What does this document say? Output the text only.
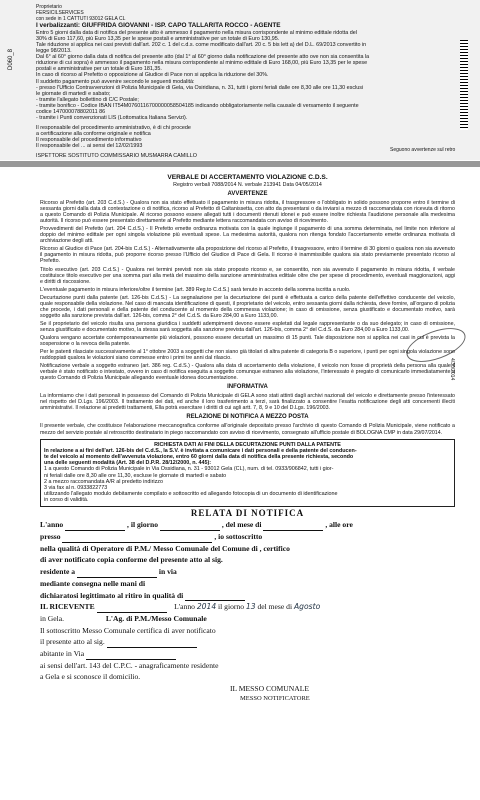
D060_8
Proprietario
FERSICILSERVICES
con sede in 1 CATTUTI 93012 GELA CL
I verbalizzanti: GIUFFRIDA GIOVANNI - ISP. CAPO TALLARITA ROCCO - AGENTE
Entro 5 giorni dalla data di notifica del presente atto è ammesso il pagamento nella misura corrispondente al minimo edittale ridotta del
30% di Euro 117,60, più Euro 13,35 per le spese postali e amministrative per un totale di Euro 130,95.
Tale riduzione si applica nei casi previsti dall'art. 202 c. 1 del c.d.s. come modificato dall'art. 20 c. 5 bis lett a) del D.L. 69/2013 convertito in
legge 98/2013.
Dal 6° al 60° giorno dalla data di notifica del presente atto (dal 1° al 60° giorno dalla notificazione del presente atto ove non sia consentita la
riduzione di cui sopra) è ammesso il pagamento nella misura corrispondente al minimo edittale di Euro 168,00, più Euro 13,35 per le spese
postali e amministrative per un totale di Euro 181,35.
In caso di ricorso al Prefetto o opposizione al Giudice di Pace non si applica la riduzione del 30%.
Il suddetto pagamento può avvenire secondo le seguenti modalità:
- presso l'Ufficio Contravvenzioni di Polizia Municipale di Gela, via Osiridiana, n. 31, tutti i giorni feriali dalle ore 8,30 alle ore 11,30 esclusi
le giornate di martedì e sabato;
- tramite l'allegato bollettino di C/C Postale;
- tramite bonifico - Codice IBAN IT54M0760116700000058504185 indicando obbligatoriamente nella causale di versamento il seguente
codice 147000078802011 86
- tramite i Punti convenzionati LIS (Lottomatica Italiana Servizi).
Il responsabile del procedimento amministrativo, è di chi procede
a certificazione alla conforme originale e notifica
Il responsabile del procedimento informativo
Il responsabile del ... ai sensi del 12/02/1993
ISPETTORE SOSTITUTO COMMISSARIO MUSMARRA CAMILLO
Seguono avvertenze sul retro
4/30/2014
VERBALE DI ACCERTAMENTO VIOLAZIONE C.D.S.
Registro verbali 7088/2014 N. verbale 213941 Data 04/05/2014
AVVERTENZE
Ricorso al Prefetto (art. 203 C.d.S.) - Qualora non sia stato effettuato il pagamento in misura ridotta, il trasgressore o l'obbligato in solido possono proporre entro il termine di sessanta giorni dalla data di contestazione o di notifica, ricorso al Prefetto di Caltanissetta, con atto da presentarsi o da inviarsi a mezzo di raccomandata con ricevuta di ritorno a questo Comando di Polizia Municipale. Al ricorso possono essere allegati tutti i documenti ritenuti idonei e può essere inoltre richiesta l'audizione personale alla medesima autorità. Il ricorso può essere presentato direttamente al Prefetto mediante lettera raccomandata con avviso di ricevimento.
Provvedimenti del Prefetto (art. 204 C.d.S.) - Il Prefetto emette ordinanza motivata con la quale ingiunge il pagamento di una somma determinata, nel limite non inferiore al doppio del minimo edittale per ogni singola violazione più eventuali spese. La medesima autorità, qualora non ritenga fondato l'accertamento emette ordinanza motivata di archiviazione degli atti.
Ricorso al Giudice di Pace (art. 204-bis C.d.S.) - Alternativamente alla proposizione del ricorso al Prefetto, il trasgressore, entro il termine di 30 giorni o qualora non sia avvenuto il pagamento in misura ridotta, può proporre ricorso presso l'Ufficio del Giudice di Pace di Gela. Il ricorso è inammissibile qualora sia stato previamente presentato ricorso al Prefetto.
Titolo esecutivo (art. 203 C.d.S.) - Qualora nei termini previsti non sia stato proposto ricorso e, se consentito, non sia avvenuto il pagamento in misura ridotta, il verbale costituisce titolo esecutivo per una somma pari alla metà del massimo della sanzione amministrativa edittale oltre che per spese di procedimento, eventuali maggiorazioni, aggi e diritti di riscossione.
L'eventuale pagamento in misura inferiore/oltre il termine (art. 389 Reg.to C.d.S.) sarà tenuto in acconto della somma iscritta a ruolo.
Decurtazione punti dalla patente (art. 126-bis C.d.S.) - La segnalazione per la decurtazione dei punti è effettuata a carico della patente dell'effettivo conducente del veicolo, quale responsabile della violazione. Nel caso di mancata identificazione di questi, il proprietario del veicolo, entro sessanta giorni dalla richiesta, deve fornire, all'organo di polizia che procede, i dati personali e della patente del conducente al momento della commessa violazione; in caso di omissione, senza giustificato e documentato motivo, sarà soggetto alla sanzione prevista dall'art. 126-bis, comma 2° del C.d.S. da Euro 284,00 a Euro 1133,00.
Se il proprietario del veicolo risulta una persona giuridica i suddetti adempimenti devono essere espletati dal legale rappresentante o da suo delegato; in caso di omissione, senza giustificato e documentato motivo, la stessa sarà soggetta alla sanzione prevista dall'art. 126-bis, comma 2° del C.d.S. da Euro 284,00 a Euro 1133,00.
Qualora vengano accertate contemporaneamente più violazioni, possono essere decurtati un massimo di 15 punti. Tale disposizione non si applica nei casi in cui è prevista la sospensione o la revoca della patente.
Per le patenti rilasciate successivamente al 1° ottobre 2003 a soggetti che non siano già titolari di altra patente di categoria B o superiore, i punti per ogni singola violazione sono raddoppiati qualora le violazioni siano commesse entro i primi tre anni dal rilascio.
Notificazione verbale a soggetto estraneo (art. 386 reg. C.d.S.) - Qualora alla data di accertamento della violazione, il veicolo non fosse di proprietà della persona alla quale il verbale è stato notificato o intestato, ovvero in caso di notifica eseguita a soggetto comunque estraneo alla violazione, l'interessato è pregato di comunicarlo immediatamente a questo Comando di Polizia Municipale allegando eventuale idonea documentazione.
INFORMATIVA
La informiamo che i dati personali in possesso del Comando di Polizia Municipale di GELA sono stati attinti dagli archivi nazionali del veicolo e direttamente presso l'interessato nel rispetto del D.Lgs. 196/2003. Il trattamento dei dati, ed anche il loro trasferimento a terzi, sarà finalizzato a consentire l'esatta notificazione degli atti concernenti illeciti amministrativi. Il relazione ai predetti trattamenti, Ella potrà esercitare i diritti di cui agli artt. 7, 8, 9 e 10 del D.Lgs. 196/2003.
RELAZIONE DI NOTIFICA A MEZZO POSTA
Il presente verbale, che costituisce l'elaborazione meccanografica conforme all'originale depositato presso l'archivio di questo Comando di Polizia Municipale, viene notificato a mezzo del servizio postale al retroscritto destinatario in piego raccomandato con avviso di ricevimento, consegnato all'ufficio postale di BOLOGNA CMP in data 29/07/2014.
RICHIESTA DATI AI FINI DELLA DECURTAZIONE PUNTI DALLA PATENTE
In relazione a ai fini dell'art. 126-bis del C.d.S., la S.V. è invitata a comunicare i dati personali e della patente del conducen-
te del veicolo al momento dell'avvenuta violazione, entro 60 giorni dalla data di notifica della presente richiesta, secondo
una delle seguenti modalità (Art. 38 del D.P.R. 28/12/2000, n. 445):
1 a questo Comando di Polizia Municipale in Via Ossidiana, n. 31 - 93012 Gela (CL), num. di tel. 0933/906842, tutti i gior-
ni feriali dalle ore 8,30 alle ore 11,30, escluse le giornate di martedì e sabato
2 a mezzo raccomandata A/R al predetto indirizzo
3 via fax al n. 0933822773
utilizzando l'allegato modulo debitamente compilato e sottoscritto ed allegando fotocopia di un documento di identificazione
in corso di validità.
RELATA DI NOTIFICA
L'anno	, il giorno	, del mese di	, alle ore
presso	, io sottoscritto
nella qualità di Operatore di P.M./ Messo Comunale del Comune di , certifico
di aver notificato copia conforme del presente atto al sig.
residente a	in via
mediante consegna nelle mani di
dichiaratosi legittimato al ritiro in qualità di
IL RICEVENTE	L'anno 2014 il giorno 13 del mese di Agosto
in Gela.	L'Ag. di P.M./Messo Comunale
Il sottoscritto Messo Comunale certifica di aver notificato
il presente atto al sig.
abitante in Via
ai sensi dell'art. 143 del C.P.C. - anagraficamente residente
a Gela e si sconosce il domicilio.
IL MESSO COMUNALE
MESSO NOTIFICATORE
